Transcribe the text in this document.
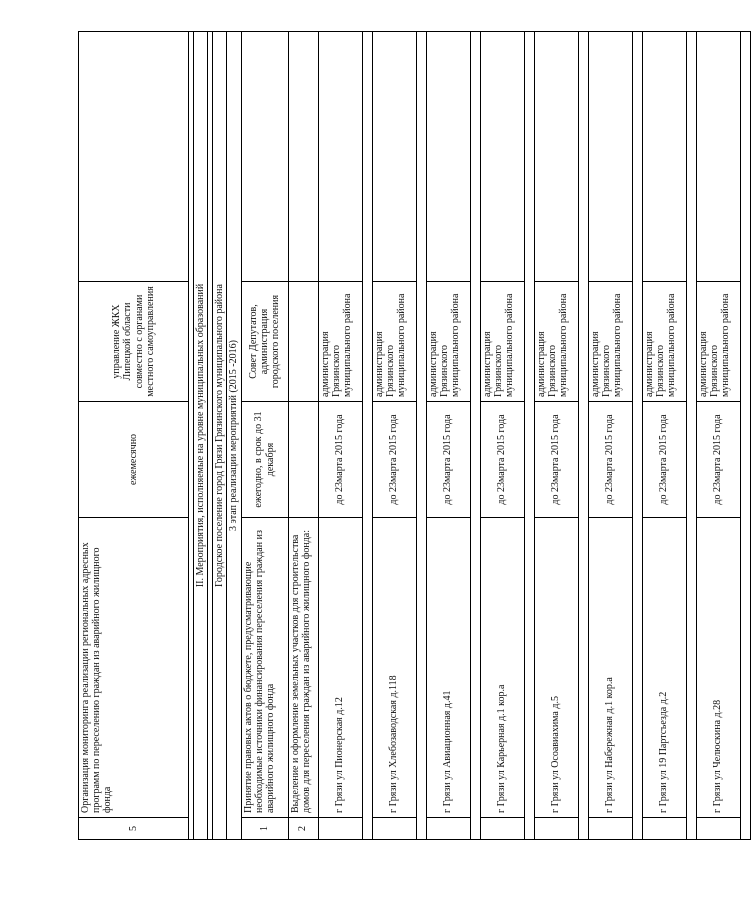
5	Организация мониторинга реализации региональных адресных программ по переселению граждан из аварийного жилищного фонда	ежемесячно	управление ЖКХ Липецкой области совместно с органами местного самоуправления	

II. Мероприятия, исполняемые на уровне муниципальных образований				

Городское поселение город Грязи Грязинского муниципального района				
3 этап реализации мероприятий (2015 -2016)				
1	Принятие правовых актов о бюджете, предусматривающие необходимые источники финансирования переселения граждан из аварийного жилищного фонда	ежегодно, в срок до 31 декабря	Совет Депутатов, администрация городского поселения	
2	Выделение и оформление земельных участков для строительства домов для переселения граждан из аварийного жилищного фонда:			
	г Грязи ул Пионерская д.12	до 23марта 2015 года	администрация Грязинского муниципального района	

	г Грязи ул Хлебозаводская д.118	до 23марта 2015 года	администрация Грязинского муниципального района	

	г Грязи ул Авиационная д.41	до 23марта 2015 года	администрация Грязинского муниципального района	

	г Грязи ул Карьерная д.1 кор.а	до 23марта 2015 года	администрация Грязинского муниципального района	

	г Грязи ул Осоавиахима д.5	до 23марта 2015 года	администрация Грязинского муниципального района	

	г Грязи ул Набережная д.1 кор.а	до 23марта 2015 года	администрация Грязинского муниципального района	

	г Грязи ул 19 Партсъезда д.2	до 23марта 2015 года	администрация Грязинского муниципального района	

	г Грязи ул Челюскина д.28	до 23марта 2015 года	администрация Грязинского муниципального района	
